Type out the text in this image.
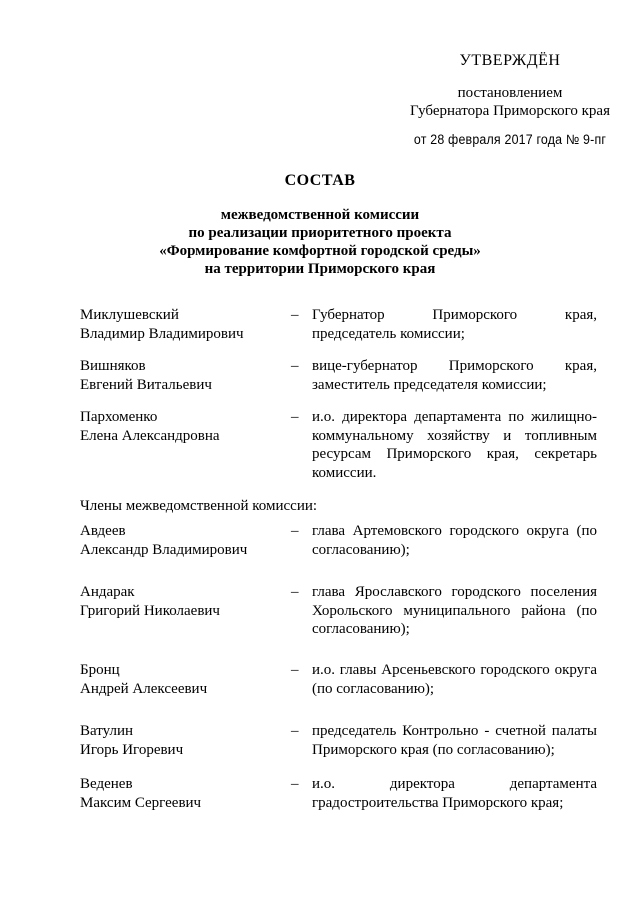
УТВЕРЖДЁН
постановлением
Губернатора Приморского края
от 28 февраля 2017 года № 9-пг
СОСТАВ
межведомственной комиссии
по реализации приоритетного проекта
«Формирование комфортной городской среды»
на территории Приморского края
Миклушевский
Владимир Владимирович
– Губернатор Приморского края, председатель комиссии;
Вишняков
Евгений Витальевич
– вице-губернатор Приморского края, заместитель председателя комиссии;
Пархоменко
Елена Александровна
– и.о. директора департамента по жилищно-коммунальному хозяйству и топливным ресурсам Приморского края, секретарь комиссии.
Члены межведомственной комиссии:
Авдеев
Александр Владимирович
– глава Артемовского городского округа (по согласованию);
Андарак
Григорий Николаевич
– глава Ярославского городского поселения Хорольского муниципального района (по согласованию);
Бронц
Андрей Алексеевич
– и.о. главы Арсеньевского городского округа (по согласованию);
Ватулин
Игорь Игоревич
– председатель Контрольно - счетной палаты Приморского края (по согласованию);
Веденев
Максим Сергеевич
– и.о. директора департамента градостроительства Приморского края;
